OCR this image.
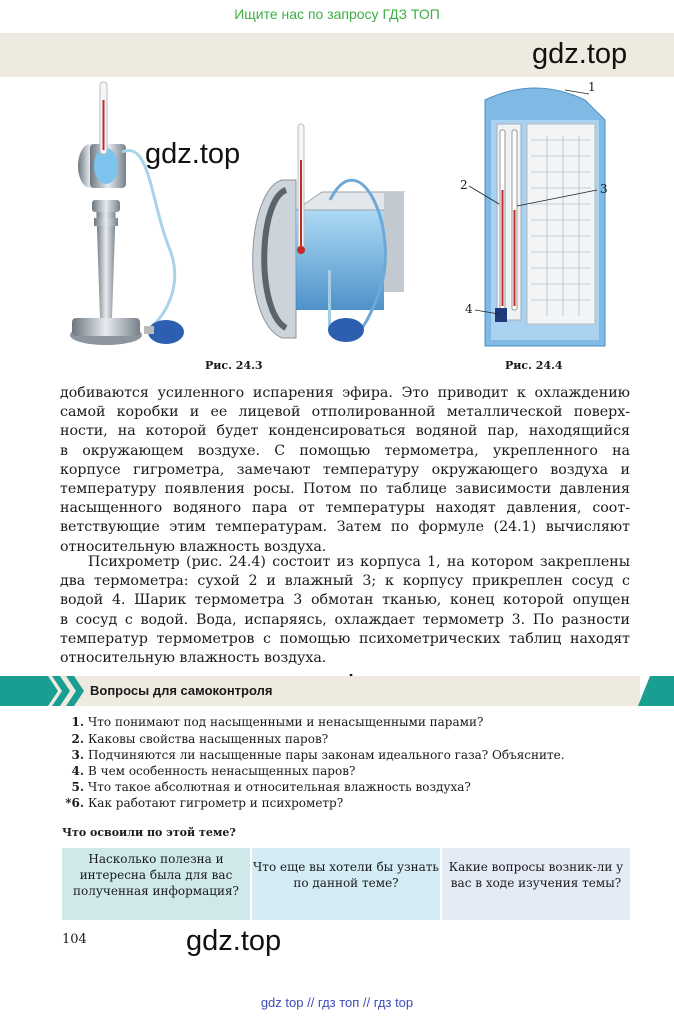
Ищите нас по запросу ГДЗ ТОП
gdz.top
gdz.top
gdz.top
Рис. 24.3
1
2	3
4
Рис. 24.4
добиваются усиленного испарения эфира. Это приводит к охлаждению
самой коробки и ее лицевой отполированной металлической поверх-
ности, на которой будет конденсироваться водяной пар, находящийся
в окружающем воздухе. С помощью термометра, укрепленного на
корпусе гигрометра, замечают температуру окружающего воздуха и
температуру появления росы. Потом по таблице зависимости давления
насыщенного водяного пара от температуры находят давления, соот-
ветствующие этим температурам. Затем по формуле (24.1) вычисляют
относительную влажность воздуха.
Психрометр (рис. 24.4) состоит из корпуса 1, на котором закреплены
два термометра: сухой 2 и влажный 3; к корпусу прикреплен сосуд с
водой 4. Шарик термометра 3 обмотан тканью, конец которой опущен
в сосуд с водой. Вода, испаряясь, охлаждает термометр 3. По разности
температур термометров с помощью психометрических таблиц находят
относительную влажность воздуха.
Вопросы для самоконтроля
1. Что понимают под насыщенными и ненасыщенными парами?
2. Каковы свойства насыщенных паров?
3. Подчиняются ли насыщенные пары законам идеального газа? Объясните.
4. В чем особенность ненасыщенных паров?
5. Что такое абсолютная и относительная влажность воздуха?
*6. Как работают гигрометр и психрометр?
Что освоили по этой теме?
Насколько полезна и интересна была для вас полученная информация?
Что еще вы хотели бы узнать по данной теме?
Какие вопросы возник-ли у вас в ходе изучения темы?
104
gdz top // гдз топ // гдз top
